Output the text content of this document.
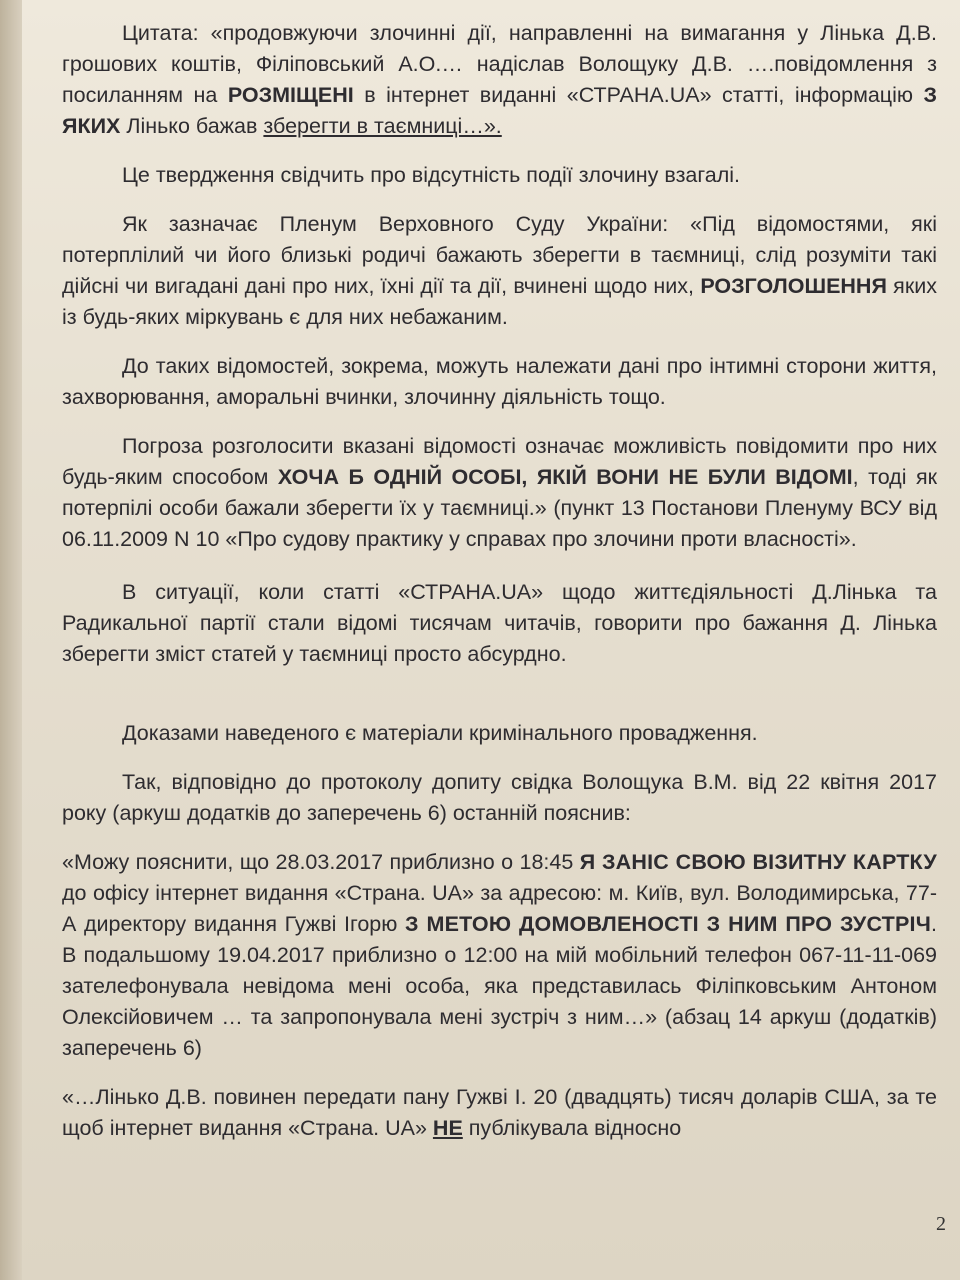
Цитата: «продовжуючи злочинні дії, направленні на вимагання у Лінька Д.В. грошових коштів, Філіповський А.О.… надіслав Волощуку Д.В. ….повідомлення з посиланням на РОЗМІЩЕНІ в інтернет виданні «СТРАНА.UA» статті, інформацію З ЯКИХ Лінько бажав зберегти в таємниці…».

Це твердження свідчить про відсутність події злочину взагалі.

Як зазначає Пленум Верховного Суду України: «Під відомостями, які потерплілий чи його близькі родичі бажають зберегти в таємниці, слід розуміти такі дійсні чи вигадані дані про них, їхні дії та дії, вчинені щодо них, РОЗГОЛОШЕННЯ яких із будь-яких міркувань є для них небажаним.

До таких відомостей, зокрема, можуть належати дані про інтимні сторони життя, захворювання, аморальні вчинки, злочинну діяльність тощо.

Погроза розголосити вказані відомості означає можливість повідомити про них будь-яким способом ХОЧА Б ОДНІЙ ОСОБІ, ЯКІЙ ВОНИ НЕ БУЛИ ВІДОМІ, тоді як потерпілі особи бажали зберегти їх у таємниці.» (пункт 13 Постанови Пленуму ВСУ від 06.11.2009 N 10 «Про судову практику у справах про злочини проти власності».

В ситуації, коли статті «СТРАНА.UA» щодо життєдіяльності Д.Лінька та Радикальної партії стали відомі тисячам читачів, говорити про бажання Д. Лінька зберегти зміст статей у таємниці просто абсурдно.

Доказами наведеного є матеріали кримінального провадження.

Так, відповідно до протоколу допиту свідка Волощука В.М. від 22 квітня 2017 року (аркуш додатків до заперечень 6) останній пояснив:

«Можу пояснити, що 28.03.2017 приблизно о 18:45 Я ЗАНІС СВОЮ ВІЗИТНУ КАРТКУ до офісу інтернет видання «Страна. UA» за адресою: м. Київ, вул. Володимирська, 77-А директору видання Гужві Ігорю З МЕТОЮ ДОМОВЛЕНОСТІ З НИМ ПРО ЗУСТРІЧ. В подальшому 19.04.2017 приблизно о 12:00 на мій мобільний телефон 067-11-11-069 зателефонувала невідома мені особа, яка представилась Філіпковським Антоном Олексійовичем … та запропонувала мені зустріч з ним…» (абзац 14 аркуш (додатків) заперечень 6)

«…Лінько Д.В. повинен передати пану Гужві І. 20 (двадцять) тисяч доларів США, за те щоб інтернет видання «Страна. UA» НЕ публікувала відносно

2
